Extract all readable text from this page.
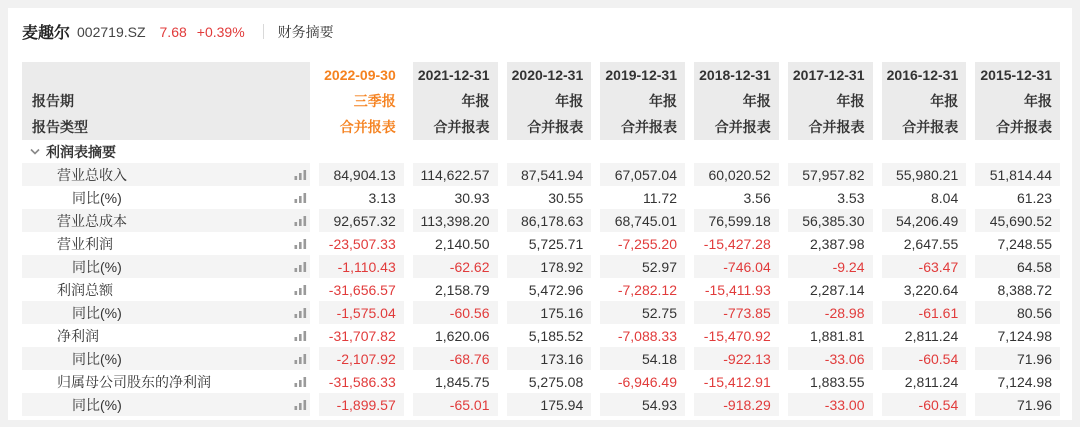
麦趣尔 002719.SZ 7.68 +0.39% 财务摘要
	2022-09-30	2021-12-31	2020-12-31	2019-12-31	2018-12-31	2017-12-31	2016-12-31	2015-12-31
报告期	三季报	年报	年报	年报	年报	年报	年报	年报
报告类型	合并报表	合并报表	合并报表	合并报表	合并报表	合并报表	合并报表	合并报表
利润表摘要								

营业总收入	84,904.13	114,622.57	87,541.94	67,057.04	60,020.52	57,957.82	55,980.21	51,814.44

同比(%)	3.13	30.93	30.55	11.72	3.56	3.53	8.04	61.23

营业总成本	92,657.32	113,398.20	86,178.63	68,745.01	76,599.18	56,385.30	54,206.49	45,690.52

营业利润	-23,507.33	2,140.50	5,725.71	-7,255.20	-15,427.28	2,387.98	2,647.55	7,248.55

同比(%)	-1,110.43	-62.62	178.92	52.97	-746.04	-9.24	-63.47	64.58

利润总额	-31,656.57	2,158.79	5,472.96	-7,282.12	-15,411.93	2,287.14	3,220.64	8,388.72

同比(%)	-1,575.04	-60.56	175.16	52.75	-773.85	-28.98	-61.61	80.56

净利润	-31,707.82	1,620.06	5,185.52	-7,088.33	-15,470.92	1,881.81	2,811.24	7,124.98

同比(%)	-2,107.92	-68.76	173.16	54.18	-922.13	-33.06	-60.54	71.96

归属母公司股东的净利润	-31,586.33	1,845.75	5,275.08	-6,946.49	-15,412.91	1,883.55	2,811.24	7,124.98

同比(%)	-1,899.57	-65.01	175.94	54.93	-918.29	-33.00	-60.54	71.96
